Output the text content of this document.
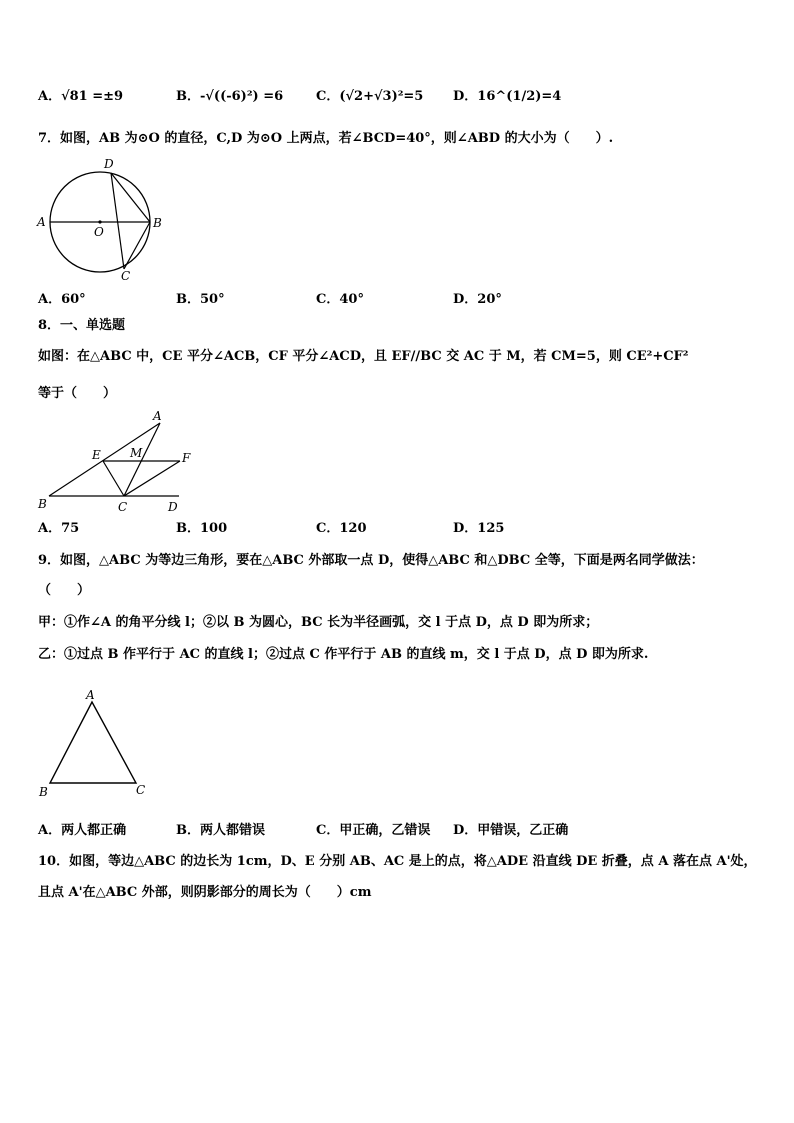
A．√81 =±9	B．-√((-6)²) =6	C．(√2+√3)²=5 D．16^(1/2)=4
7．如图，AB 为⊙O 的直径，C,D 为⊙O 上两点，若∠BCD=40°，则∠ABD 的大小为（　　）.
A	B
C
D
O
A．60°	B．50°	C．40°	D．20°
8．一、单选题
如图：在△ABC 中，CE 平分∠ACB，CF 平分∠ACD，且 EF//BC 交 AC 于 M，若 CM=5，则 CE²+CF²
等于（　　）
A
B	C	D
E	F
M
A．75	B．100	C．120	D．125
9．如图，△ABC 为等边三角形，要在△ABC 外部取一点 D，使得△ABC 和△DBC 全等，下面是两名同学做法：
（　　）
甲：①作∠A 的角平分线 l；②以 B 为圆心，BC 长为半径画弧，交 l 于点 D，点 D 即为所求；
乙：①过点 B 作平行于 AC 的直线 l；②过点 C 作平行于 AB 的直线 m，交 l 于点 D，点 D 即为所求.
A
B	C
A．两人都正确	B．两人都错误	C．甲正确，乙错误 D．甲错误，乙正确
10．如图，等边△ABC 的边长为 1cm，D、E 分别 AB、AC 是上的点，将△ADE 沿直线 DE 折叠，点 A 落在点 A'处，
且点 A'在△ABC 外部，则阴影部分的周长为（　　）cm
